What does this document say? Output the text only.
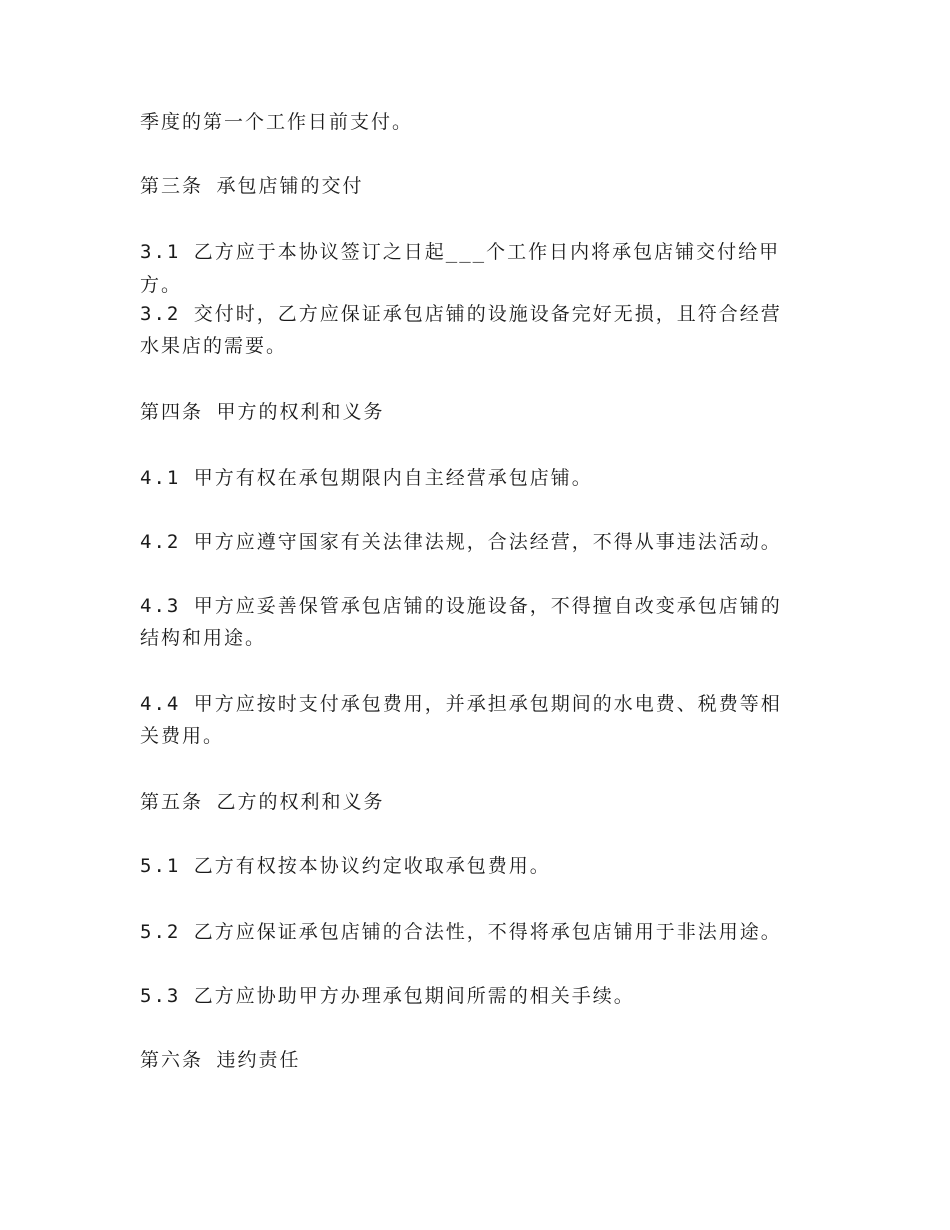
季度的第一个工作日前支付。

第三条 承包店铺的交付

3.1 乙方应于本协议签订之日起___个工作日内将承包店铺交付给甲方。

3.2 交付时，乙方应保证承包店铺的设施设备完好无损，且符合经营

水果店的需要。

第四条 甲方的权利和义务

4.1 甲方有权在承包期限内自主经营承包店铺。

4.2 甲方应遵守国家有关法律法规，合法经营，不得从事违法活动。

4.3 甲方应妥善保管承包店铺的设施设备，不得擅自改变承包店铺的

结构和用途。

4.4 甲方应按时支付承包费用，并承担承包期间的水电费、税费等相

关费用。

第五条 乙方的权利和义务

5.1 乙方有权按本协议约定收取承包费用。

5.2 乙方应保证承包店铺的合法性，不得将承包店铺用于非法用途。

5.3 乙方应协助甲方办理承包期间所需的相关手续。

第六条 违约责任
